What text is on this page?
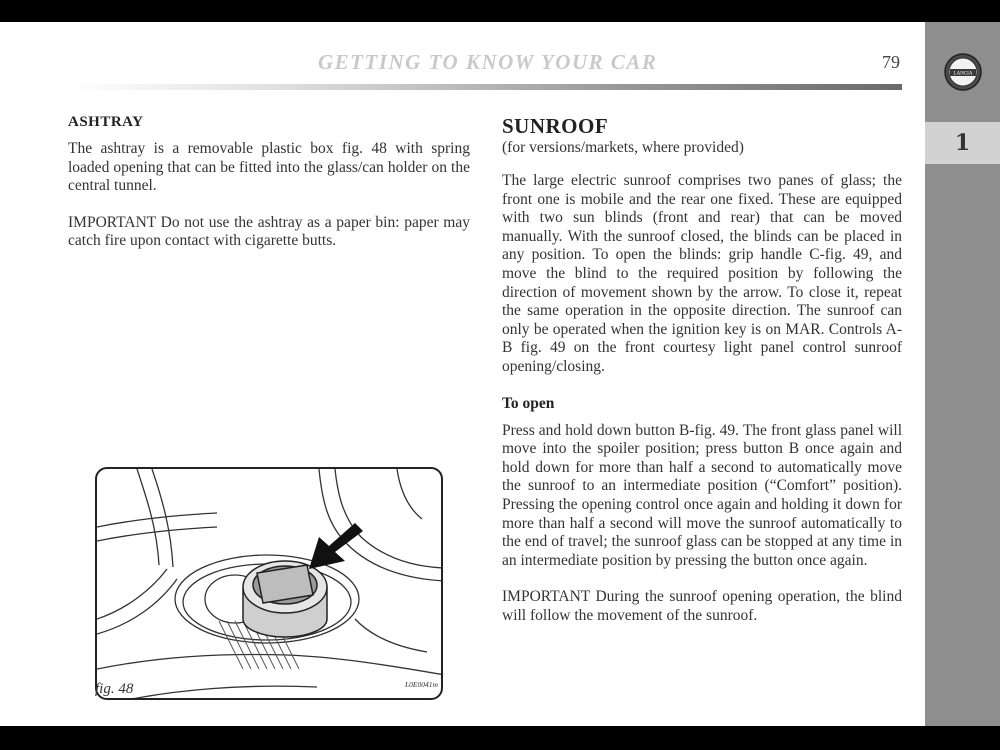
GETTING TO KNOW YOUR CAR	79
ASHTRAY

The ashtray is a removable plastic box fig. 48 with spring loaded opening that can be fitted into the glass/can holder on the central tunnel.

IMPORTANT Do not use the ashtray as a paper bin: paper may catch fire upon contact with cigarette butts.

SUNROOF
(for versions/markets, where provided)

The large electric sunroof comprises two panes of glass; the front one is mobile and the rear one fixed. These are equipped with two sun blinds (front and rear) that can be moved manually. With the sunroof closed, the blinds can be placed in any position. To open the blinds: grip handle C-fig. 49, and move the blind to the required position by following the direction of movement shown by the arrow. To close it, repeat the same operation in the opposite direction. The sunroof can only be operated when the ignition key is on MAR. Controls A-B fig. 49 on the front courtesy light panel control sunroof opening/closing.

To open

Press and hold down button B-fig. 49. The front glass panel will move into the spoiler position; press button B once again and hold down for more than half a second to automatically move the sunroof to an intermediate position (“Comfort” position). Pressing the opening control once again and holding it down for more than half a second will move the sunroof automatically to the end of travel; the sunroof glass can be stopped at any time in an intermediate position by pressing the button once again.

IMPORTANT During the sunroof opening operation, the blind will follow the movement of the sunroof.

fig. 48	L0E0041m
LANCIA
1
